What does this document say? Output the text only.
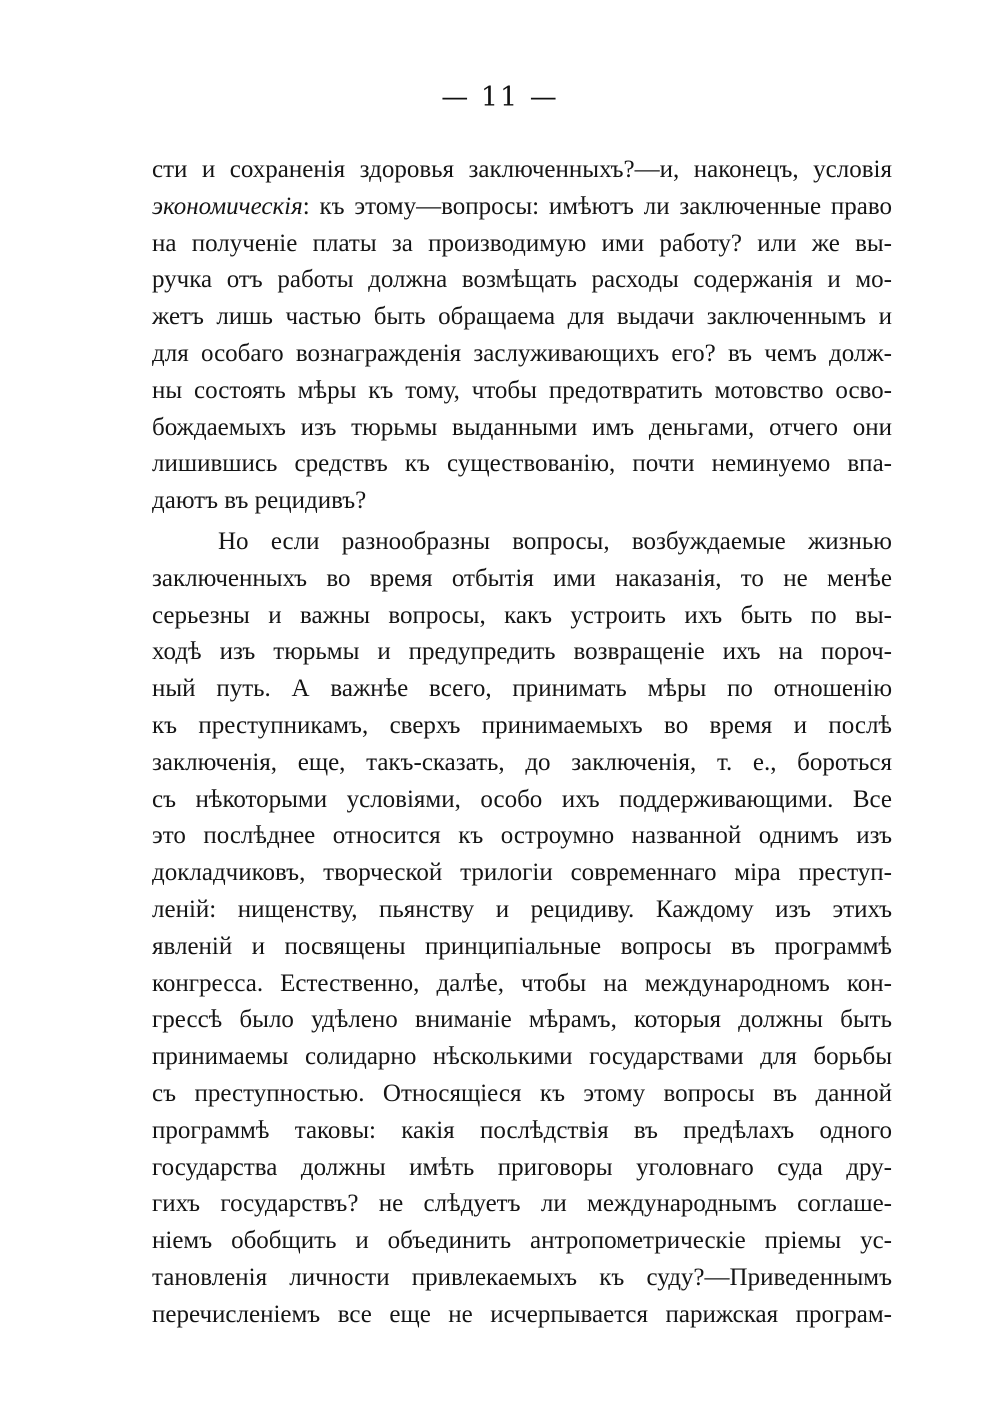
— 11 —
сти и сохраненія здоровья заключенныхъ?—и, наконецъ, условія
экономическія: къ этому—вопросы: имѣютъ ли заключенные право
на полученіе платы за производимую ими работу? или же вы-
ручка отъ работы должна возмѣщать расходы содержанія и мо-
жетъ лишь частью быть обращаема для выдачи заключеннымъ и
для особаго вознагражденія заслуживающихъ его? въ чемъ долж-
ны состоять мѣры къ тому, чтобы предотвратить мотовство осво-
бождаемыхъ изъ тюрьмы выданными имъ деньгами, отчего они
лишившись средствъ къ существованію, почти неминуемо впа-
даютъ въ рецидивъ?
Но если разнообразны вопросы, возбуждаемые жизнью
заключенныхъ во время отбытія ими наказанія, то не менѣе
серьезны и важны вопросы, какъ устроить ихъ быть по вы-
ходѣ изъ тюрьмы и предупредить возвращеніе ихъ на пороч-
ный путь. А важнѣе всего, принимать мѣры по отношенію
къ преступникамъ, сверхъ принимаемыхъ во время и послѣ
заключенія, еще, такъ-сказать, до заключенія, т. е., бороться
съ нѣкоторыми условіями, особо ихъ поддерживающими. Все
это послѣднее относится къ остроумно названной однимъ изъ
докладчиковъ, творческой трилогіи современнаго міра преступ-
леній: нищенству, пьянству и рецидиву. Каждому изъ этихъ
явленій и посвящены принципіальные вопросы въ программѣ
конгресса. Естественно, далѣе, чтобы на международномъ кон-
грессѣ было удѣлено вниманіе мѣрамъ, которыя должны быть
принимаемы солидарно нѣсколькими государствами для борьбы
съ преступностью. Относящіеся къ этому вопросы въ данной
программѣ таковы: какія послѣдствія въ предѣлахъ одного
государства должны имѣть приговоры уголовнаго суда дру-
гихъ государствъ? не слѣдуетъ ли международнымъ соглаше-
ніемъ обобщить и объединить антропометрическіе пріемы ус-
тановленія личности привлекаемыхъ къ суду?—Приведеннымъ
перечисленіемъ все еще не исчерпывается парижская програм-
